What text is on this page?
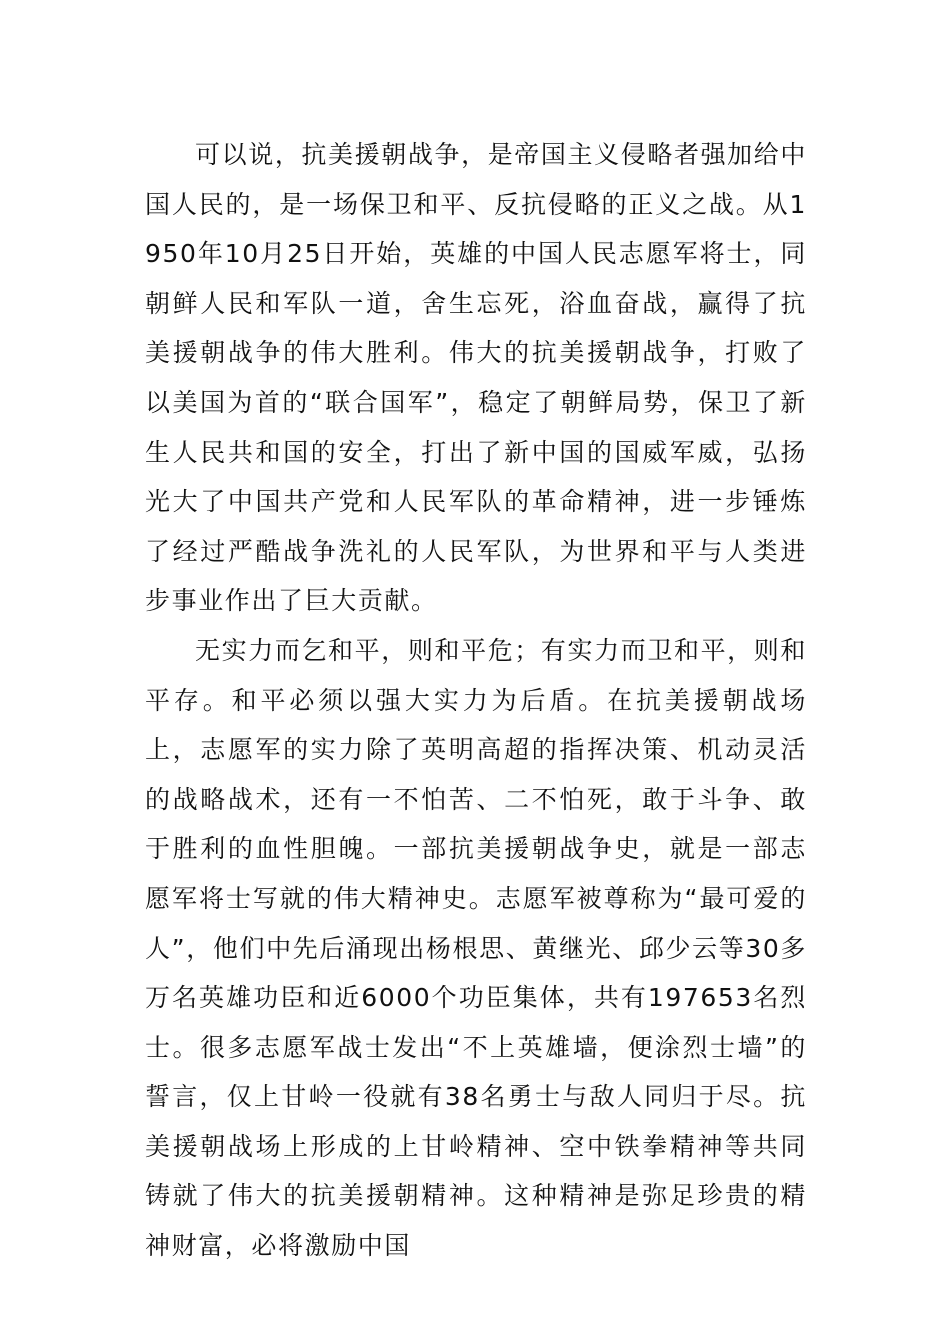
可以说，抗美援朝战争，是帝国主义侵略者强加给中国人民的，是一场保卫和平、反抗侵略的正义之战。从1950年10月25日开始，英雄的中国人民志愿军将士，同朝鲜人民和军队一道，舍生忘死，浴血奋战，赢得了抗美援朝战争的伟大胜利。伟大的抗美援朝战争，打败了以美国为首的“联合国军”，稳定了朝鲜局势，保卫了新生人民共和国的安全，打出了新中国的国威军威，弘扬光大了中国共产党和人民军队的革命精神，进一步锤炼了经过严酷战争洗礼的人民军队，为世界和平与人类进步事业作出了巨大贡献。

无实力而乞和平，则和平危；有实力而卫和平，则和平存。和平必须以强大实力为后盾。在抗美援朝战场上，志愿军的实力除了英明高超的指挥决策、机动灵活的战略战术，还有一不怕苦、二不怕死，敢于斗争、敢于胜利的血性胆魄。一部抗美援朝战争史，就是一部志愿军将士写就的伟大精神史。志愿军被尊称为“最可爱的人”，他们中先后涌现出杨根思、黄继光、邱少云等30多万名英雄功臣和近6000个功臣集体，共有197653名烈士。很多志愿军战士发出“不上英雄墙，便涂烈士墙”的誓言，仅上甘岭一役就有38名勇士与敌人同归于尽。抗美援朝战场上形成的上甘岭精神、空中铁拳精神等共同铸就了伟大的抗美援朝精神。这种精神是弥足珍贵的精神财富，必将激励中国
